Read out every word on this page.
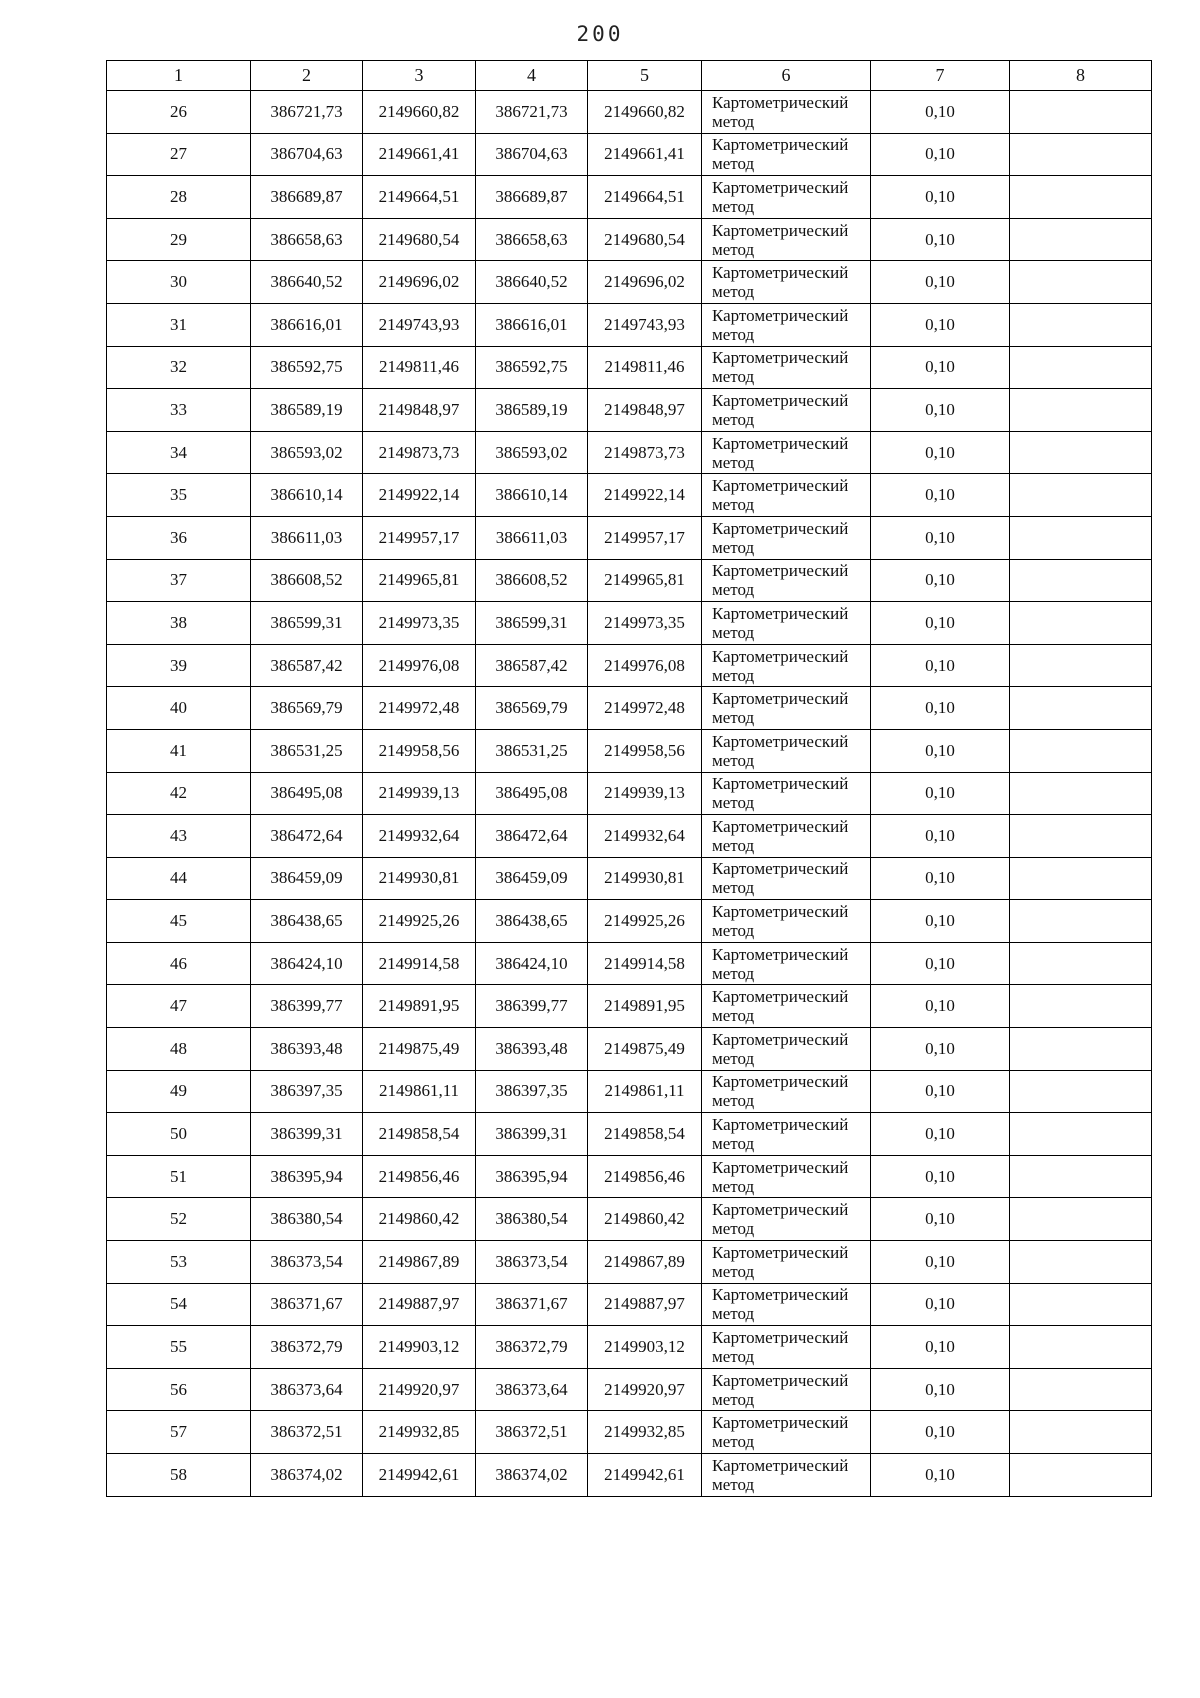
200
1	2	3	4	5	6	7	8
26	386721,73	2149660,82	386721,73	2149660,82	Картометрический
метод	0,10	
27	386704,63	2149661,41	386704,63	2149661,41	Картометрический
метод	0,10	
28	386689,87	2149664,51	386689,87	2149664,51	Картометрический
метод	0,10	
29	386658,63	2149680,54	386658,63	2149680,54	Картометрический
метод	0,10	
30	386640,52	2149696,02	386640,52	2149696,02	Картометрический
метод	0,10	
31	386616,01	2149743,93	386616,01	2149743,93	Картометрический
метод	0,10	
32	386592,75	2149811,46	386592,75	2149811,46	Картометрический
метод	0,10	
33	386589,19	2149848,97	386589,19	2149848,97	Картометрический
метод	0,10	
34	386593,02	2149873,73	386593,02	2149873,73	Картометрический
метод	0,10	
35	386610,14	2149922,14	386610,14	2149922,14	Картометрический
метод	0,10	
36	386611,03	2149957,17	386611,03	2149957,17	Картометрический
метод	0,10	
37	386608,52	2149965,81	386608,52	2149965,81	Картометрический
метод	0,10	
38	386599,31	2149973,35	386599,31	2149973,35	Картометрический
метод	0,10	
39	386587,42	2149976,08	386587,42	2149976,08	Картометрический
метод	0,10	
40	386569,79	2149972,48	386569,79	2149972,48	Картометрический
метод	0,10	
41	386531,25	2149958,56	386531,25	2149958,56	Картометрический
метод	0,10	
42	386495,08	2149939,13	386495,08	2149939,13	Картометрический
метод	0,10	
43	386472,64	2149932,64	386472,64	2149932,64	Картометрический
метод	0,10	
44	386459,09	2149930,81	386459,09	2149930,81	Картометрический
метод	0,10	
45	386438,65	2149925,26	386438,65	2149925,26	Картометрический
метод	0,10	
46	386424,10	2149914,58	386424,10	2149914,58	Картометрический
метод	0,10	
47	386399,77	2149891,95	386399,77	2149891,95	Картометрический
метод	0,10	
48	386393,48	2149875,49	386393,48	2149875,49	Картометрический
метод	0,10	
49	386397,35	2149861,11	386397,35	2149861,11	Картометрический
метод	0,10	
50	386399,31	2149858,54	386399,31	2149858,54	Картометрический
метод	0,10	
51	386395,94	2149856,46	386395,94	2149856,46	Картометрический
метод	0,10	
52	386380,54	2149860,42	386380,54	2149860,42	Картометрический
метод	0,10	
53	386373,54	2149867,89	386373,54	2149867,89	Картометрический
метод	0,10	
54	386371,67	2149887,97	386371,67	2149887,97	Картометрический
метод	0,10	
55	386372,79	2149903,12	386372,79	2149903,12	Картометрический
метод	0,10	
56	386373,64	2149920,97	386373,64	2149920,97	Картометрический
метод	0,10	
57	386372,51	2149932,85	386372,51	2149932,85	Картометрический
метод	0,10	
58	386374,02	2149942,61	386374,02	2149942,61	Картометрический
метод	0,10	
